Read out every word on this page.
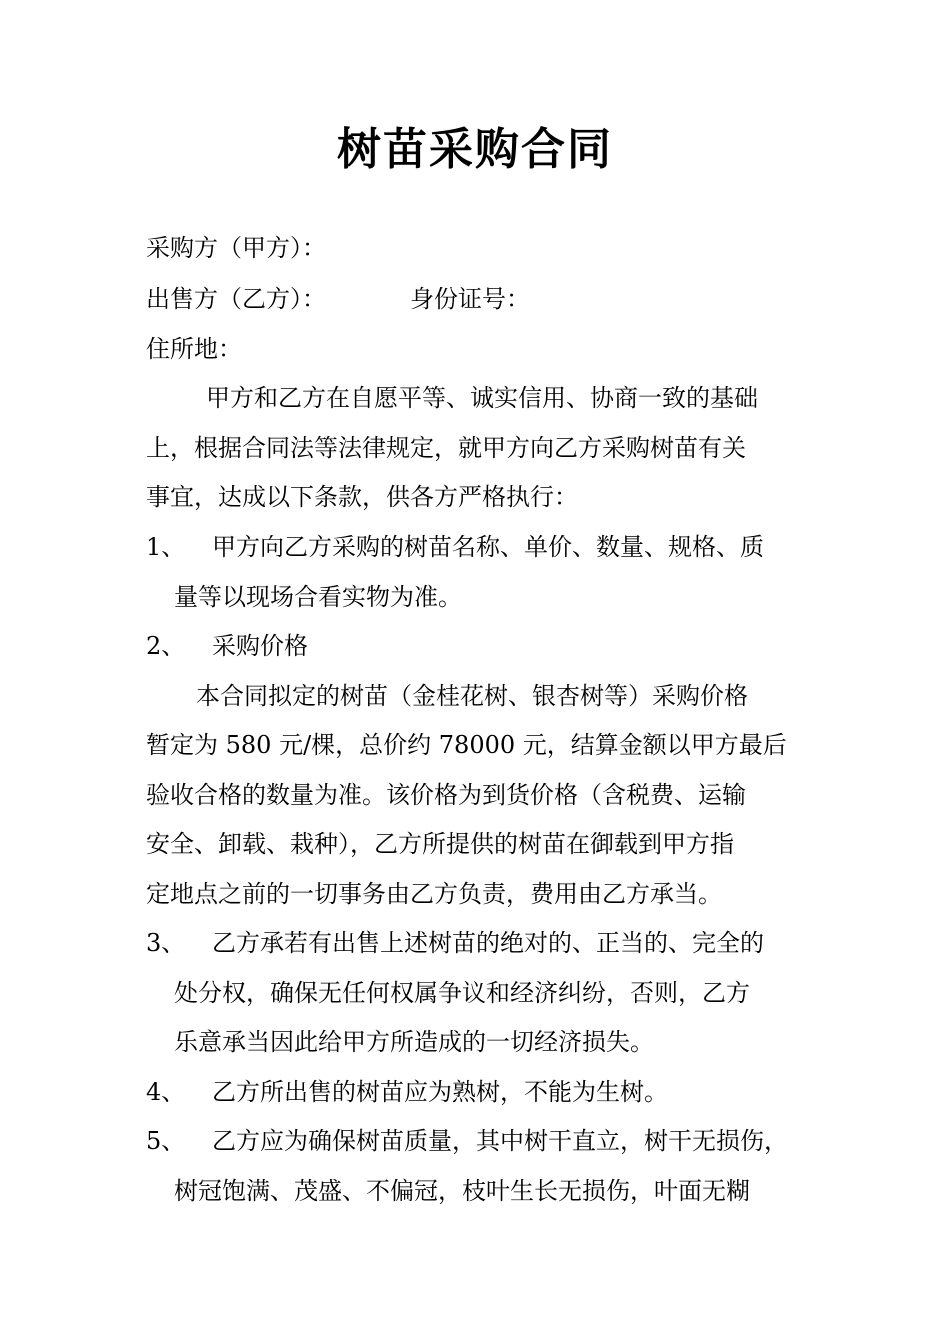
树苗采购合同
采购方（甲方）：
出售方（乙方）：	身份证号：
住所地：
甲方和乙方在自愿平等、诚实信用、协商一致的基础
上，根据合同法等法律规定，就甲方向乙方采购树苗有关
事宜，达成以下条款，供各方严格执行：
1、 甲方向乙方采购的树苗名称、单价、数量、规格、质
量等以现场合看实物为准。
2、 采购价格
本合同拟定的树苗（金桂花树、银杏树等）采购价格
暂定为 580 元/棵，总价约 78000 元，结算金额以甲方最后
验收合格的数量为准。该价格为到货价格（含税费、运输
安全、卸载、栽种），乙方所提供的树苗在御载到甲方指
定地点之前的一切事务由乙方负责，费用由乙方承当。
3、 乙方承若有出售上述树苗的绝对的、正当的、完全的
处分权，确保无任何权属争议和经济纠纷，否则，乙方
乐意承当因此给甲方所造成的一切经济损失。
4、 乙方所出售的树苗应为熟树，不能为生树。
5、 乙方应为确保树苗质量，其中树干直立，树干无损伤，
树冠饱满、茂盛、不偏冠，枝叶生长无损伤，叶面无糊
